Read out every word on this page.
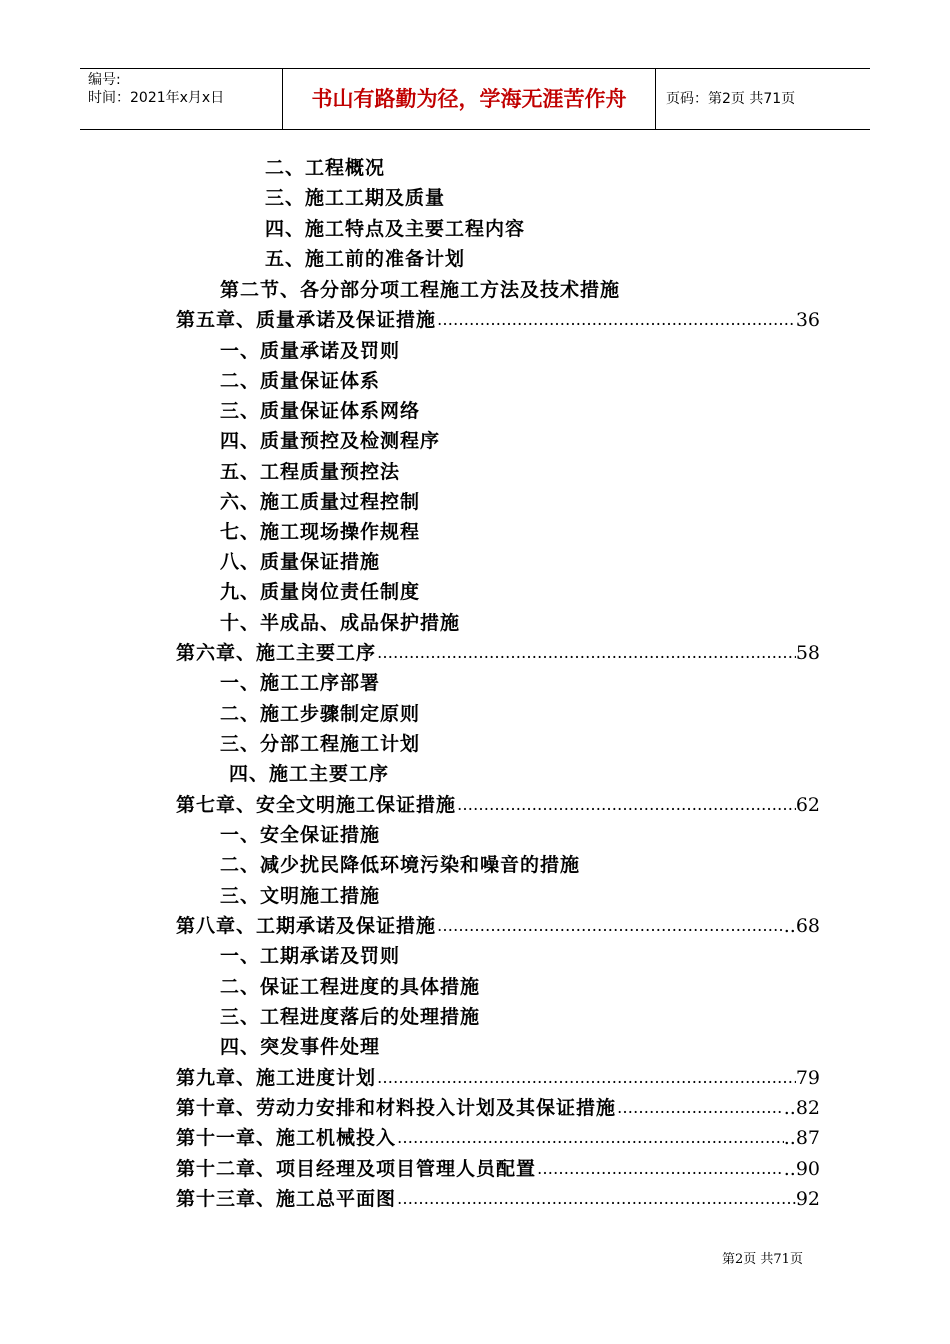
编号:
时间：2021年x月x日	书山有路勤为径，学海无涯苦作舟	页码：第2页 共71页
二、工程概况
三、施工工期及质量
四、施工特点及主要工程内容
五、施工前的准备计划
第二节、各分部分项工程施工方法及技术措施
第五章、质量承诺及保证措施 ……………………………………………………………………………………………………………………………………………………	36
一、质量承诺及罚则
二、质量保证体系
三、质量保证体系网络
四、质量预控及检测程序
五、工程质量预控法
六、施工质量过程控制
七、施工现场操作规程
八、质量保证措施
九、质量岗位责任制度
十、半成品、成品保护措施
第六章、施工主要工序 ……………………………………………………………………………………………………………………………………………………	58
一、施工工序部署
二、施工步骤制定原则
三、分部工程施工计划
四、施工主要工序
第七章、安全文明施工保证措施 ……………………………………………………………………………………………………………………………………………………	62
一、安全保证措施
二、减少扰民降低环境污染和噪音的措施
三、文明施工措施
第八章、工期承诺及保证措施 ……………………………………………………………………………………………………………………………………………………	..68
一、工期承诺及罚则
二、保证工程进度的具体措施
三、工程进度落后的处理措施
四、突发事件处理
第九章、施工进度计划 ……………………………………………………………………………………………………………………………………………………	79
第十章、劳动力安排和材料投入计划及其保证措施 ……………………………………………………………………………………………………………………………………………………	..82
第十一章、施工机械投入 ……………………………………………………………………………………………………………………………………………………	..87
第十二章、项目经理及项目管理人员配置 ……………………………………………………………………………………………………………………………………………………	..90
第十三章、施工总平面图 ……………………………………………………………………………………………………………………………………………………	92
第2页 共71页
